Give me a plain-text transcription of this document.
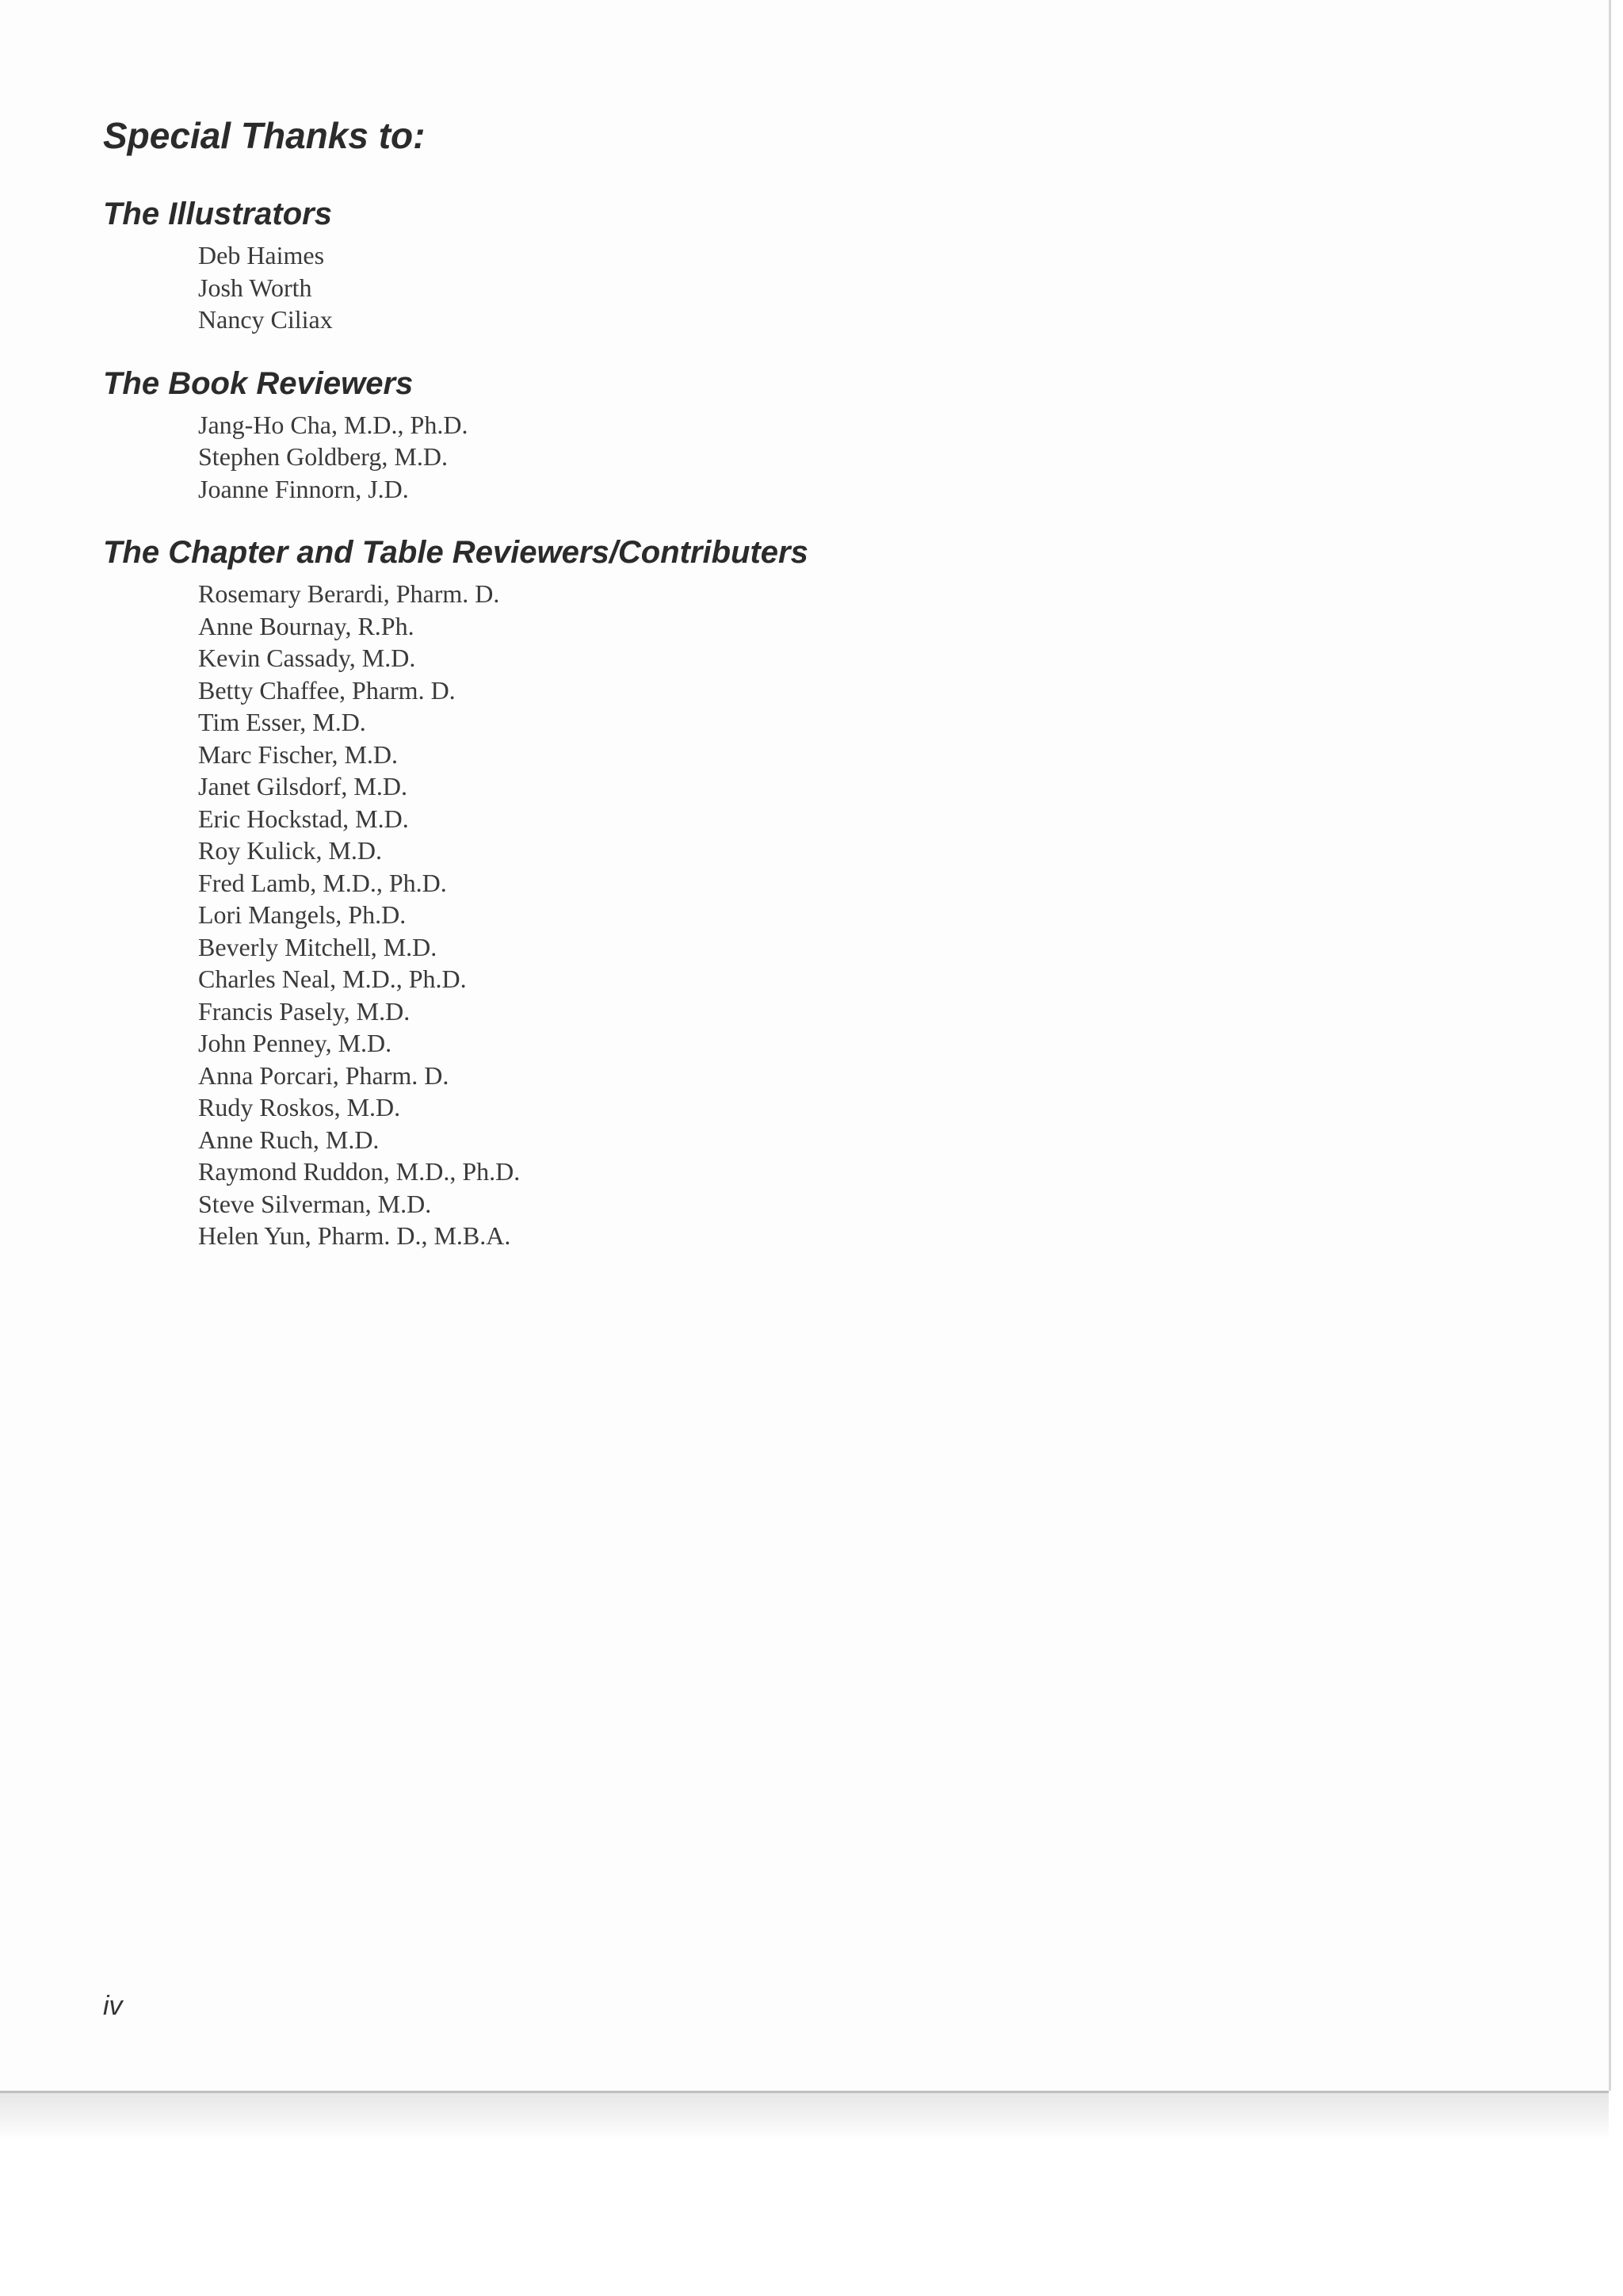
Special Thanks to:
The Illustrators
Deb Haimes
Josh Worth
Nancy Ciliax
The Book Reviewers
Jang-Ho Cha, M.D., Ph.D.
Stephen Goldberg, M.D.
Joanne Finnorn, J.D.
The Chapter and Table Reviewers/Contributers
Rosemary Berardi, Pharm. D.
Anne Bournay, R.Ph.
Kevin Cassady, M.D.
Betty Chaffee, Pharm. D.
Tim Esser, M.D.
Marc Fischer, M.D.
Janet Gilsdorf, M.D.
Eric Hockstad, M.D.
Roy Kulick, M.D.
Fred Lamb, M.D., Ph.D.
Lori Mangels, Ph.D.
Beverly Mitchell, M.D.
Charles Neal, M.D., Ph.D.
Francis Pasely, M.D.
John Penney, M.D.
Anna Porcari, Pharm. D.
Rudy Roskos, M.D.
Anne Ruch, M.D.
Raymond Ruddon, M.D., Ph.D.
Steve Silverman, M.D.
Helen Yun, Pharm. D., M.B.A.
iv
